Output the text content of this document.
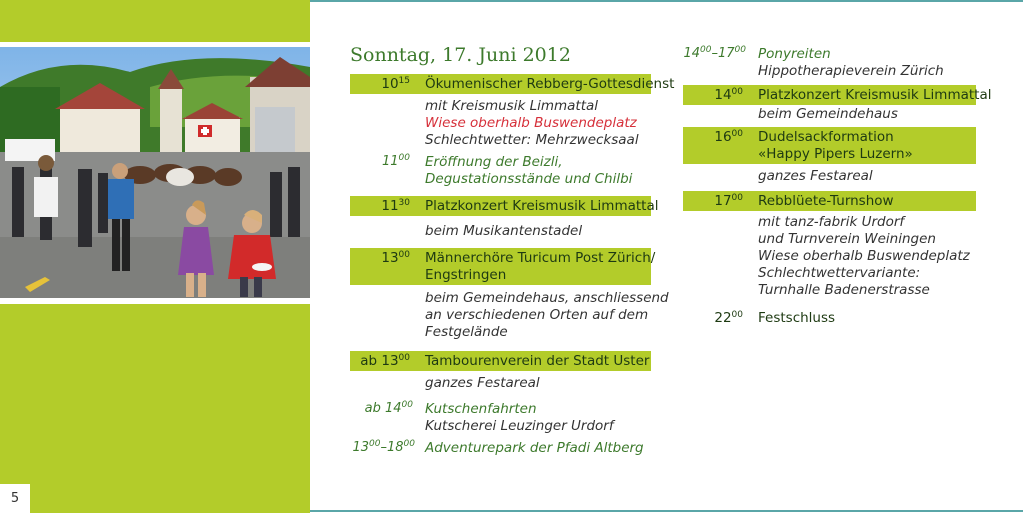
5
Sonntag, 17. Juni 2012
$10^{15}$ Ökumenischer Rebberg-Gottesdienst
mit Kreismusik Limmattal
Wiese oberhalb Buswendeplatz
Schlechtwetter: Mehrzwecksaal
$11^{00}$ Eröffnung der Beizli,
Degustationsstände und Chilbi
$11^{30}$ Platzkonzert Kreismusik Limmattal
beim Musikantenstadel
$13^{00}$ Männerchöre Turicum Post Zürich/
Engstringen
beim Gemeindehaus, anschliessend
an verschiedenen Orten auf dem
Festgelände
ab $13^{00}$ Tambourenverein der Stadt Uster
ganzes Festareal
ab $14^{00}$ Kutschenfahrten
Kutscherei Leuzinger Urdorf
$13^{00}-18^{00}$ Adventurepark der Pfadi Altberg
$14^{00}-17^{00}$ Ponyreiten
Hippotherapieverein Zürich
$14^{00}$ Platzkonzert Kreismusik Limmattal
beim Gemeindehaus
$16^{00}$ Dudelsackformation
«Happy Pipers Luzern»
ganzes Festareal
$17^{00}$ Rebblüete-Turnshow
mit tanz-fabrik Urdorf
und Turnverein Weiningen
Wiese oberhalb Buswendeplatz
Schlechtwettervariante:
Turnhalle Badenerstrasse
$22^{00}$ Festschluss
